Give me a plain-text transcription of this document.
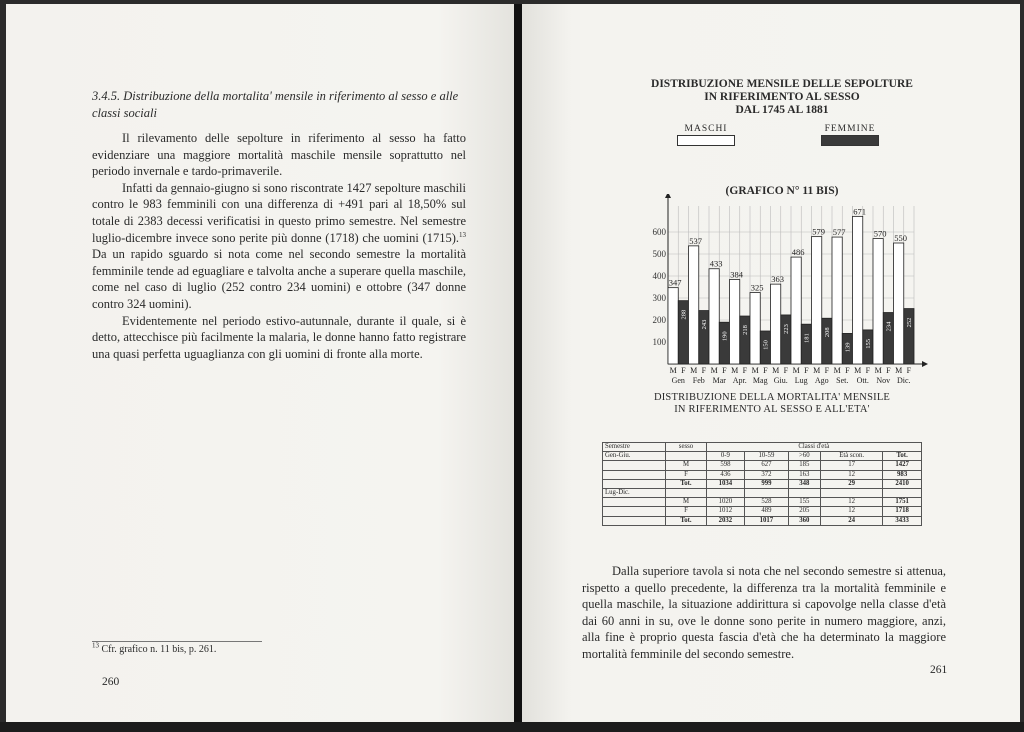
3.4.5. Distribuzione della mortalita' mensile in riferimento al sesso e alle classi sociali

Il rilevamento delle sepolture in riferimento al sesso ha fatto evidenziare una maggiore mortalità maschile mensile soprattutto nel periodo invernale e tardo-primaverile.

Infatti da gennaio-giugno si sono riscontrate 1427 sepolture maschili contro le 983 femminili con una differenza di +491 pari al 18,50% sul totale di 2383 decessi verificatisi in questo primo semestre. Nel semestre luglio-dicembre invece sono perite più donne (1718) che uomini (1715).$^{13}$ Da un rapido sguardo si nota come nel secondo semestre la mortalità femminile tende ad eguagliare e talvolta anche a superare quella maschile, come nel caso di luglio (252 contro 234 uomini) e ottobre (347 donne contro 324 uomini).

Evidentemente nel periodo estivo-autunnale, durante il quale, si è detto, attecchisce più facilmente la malaria, le donne hanno fatto registrare una quasi perfetta uguaglianza con gli uomini di fronte alla morte.

$^{13}$ Cfr. grafico n. 11 bis, p. 261.
260
DISTRIBUZIONE MENSILE DELLE SEPOLTURE
IN RIFERIMENTO AL SESSO
DAL 1745 AL 1881
MASCHI	FEMMINE
(GRAFICO N° 11 BIS)
100
200
300
400
500
600
347
288
M F
Gen
537
243
M F
Feb
433
190
M F
Mar
384
218
M F
Apr.
325
150
M F
Mag
363
223
M F
Giu.
486
181
M F
Lug
579
208
M F
Ago
577
139
M F
Set.
671
155
M F
Ott.
570
234
M F
Nov
550
252
M F
Dic.
DISTRIBUZIONE DELLA MORTALITA' MENSILE
IN RIFERIMENTO AL SESSO E ALL'ETA'
Semestre	sesso	Classi d'età				
Gen-Giu.		0-9	10-59	>60	Età scon.	Tot.
	M	598	627	185	17	1427
	F	436	372	163	12	983
	Tot.	1034	999	348	29	2410
Lug-Dic.						
	M	1020	528	155	12	1751
	F	1012	489	205	12	1718
	Tot.	2032	1017	360	24	3433

Dalla superiore tavola si nota che nel secondo semestre si attenua, rispetto a quello precedente, la differenza tra la mortalità femminile e quella maschile, la situazione addirittura si capovolge nella classe d'età dai 60 anni in su, ove le donne sono perite in numero maggiore, anzi, alla fine è proprio questa fascia d'età che ha determinato la maggiore mortalità femminile del secondo semestre.

261
